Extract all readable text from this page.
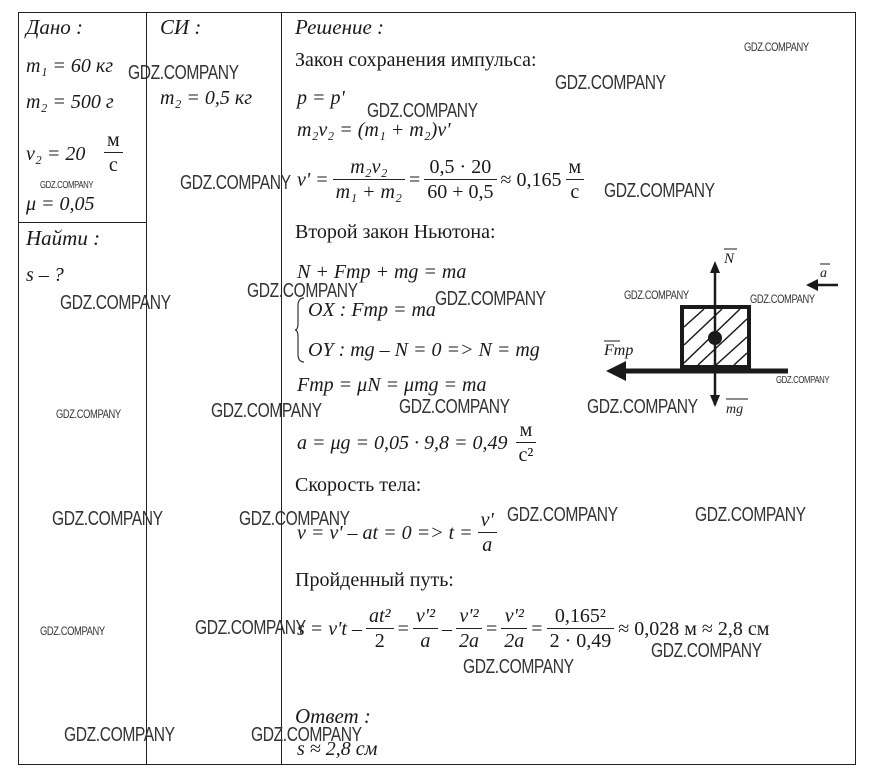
Дано :
m₁ = 60 кг
m₂ = 500 г
v₂ = 20
м
с
μ = 0,05
Найти :
s – ?
СИ :
m₂ = 0,5 кг
Решение :
Закон сохранения импульса:
p = p'
m₂v₂ = (m₁ + m₂)v'
$v' = \frac{\text{m₂v₂}}{\text{m₁ + m₂}} = \frac{0,5 \cdot 20}{60 + 0,5} \approx 0,165 \frac{м}{с}$
Второй закон Ньютона:
N + Fтр + mg = ma
OX : Fтр = ma
OY : mg – N = 0 => N = mg
Fтр = μN = μmg = ma
$a = \mu g = 0,05 \cdot 9,8 = 0,49 \frac{м}{\text{с²}}$
Скорость тела:
v = v' – at = $0 => t = \frac{v'}{a}$
Пройденный путь:
$s = v't - \frac{\text{at²}}{2} = \frac{\text{v'²}}{a} - \frac{\text{v'²}}{2a} = \frac{\text{v'²}}{2a} = \frac{\text{0,165²}}{2 \cdot 0,49} \approx 0,028$ м ≈ 2,8 см
Ответ :
s ≈ 2,8 см
N
a
Fтр
mg
GDZ.COMPANY	GDZ.COMPANY
GDZ.COMPANY
GDZ.COMPANY
GDZ.COMPANY
GDZ.COMPANY	GDZ.COMPANY
GDZ.COMPANY	GDZ.COMPANY	GDZ.COMPANY
GDZ.COMPANY	GDZ.COMPANY
GDZ.COMPANY
GDZ.COMPANY
GDZ.COMPANY
GDZ.COMPANY
GDZ.COMPANY
GDZ.COMPANY	GDZ.COMPANY	GDZ.COMPANY	GDZ.COMPANY
GDZ.COMPANY
GDZ.COMPANY
GDZ.COMPANY
GDZ.COMPANY
GDZ.COMPANY	GDZ.COMPANY
